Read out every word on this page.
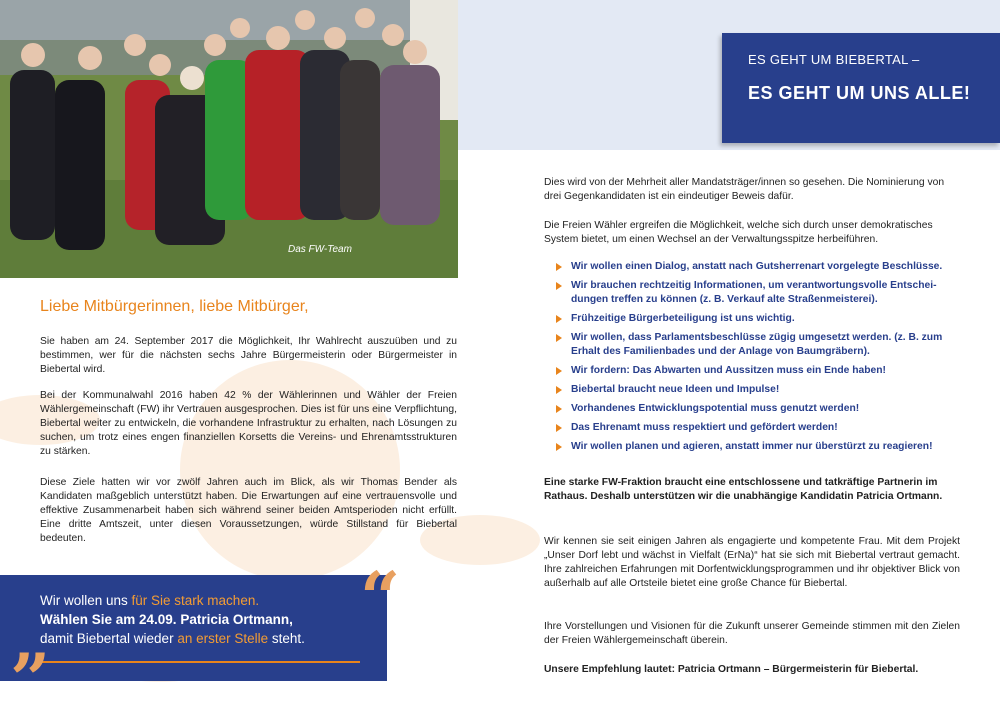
Das FW-Team
Liebe Mitbürgerinnen, liebe Mitbürger,

Sie haben am 24. September 2017 die Möglichkeit, Ihr Wahlrecht auszuüben und zu bestimmen, wer für die nächsten sechs Jahre Bürgermeisterin oder Bürgermeister in Biebertal wird.

Bei der Kommunalwahl 2016 haben 42 % der Wählerinnen und Wähler der Freien Wählergemeinschaft (FW) ihr Vertrauen ausgesprochen. Dies ist für uns eine Verpflichtung, Biebertal weiter zu entwickeln, die vorhandene Infrastruktur zu erhalten, nach Lösungen zu suchen, um trotz eines engen finanziellen Korsetts die Vereins- und Ehrenamtsstrukturen zu stärken.

Diese Ziele hatten wir vor zwölf Jahren auch im Blick, als wir Thomas Bender als Kandidaten maßgeblich unterstützt haben. Die Erwartungen auf eine vertrauensvolle und effektive Zusammenarbeit haben sich während seiner beiden Amtsperioden nicht erfüllt. Eine dritte Amtszeit, unter diesen Voraussetzungen, würde Stillstand für Biebertal bedeuten.

Wir wollen uns für Sie stark machen.
Wählen Sie am 24.09. Patricia Ortmann,
damit Biebertal wieder an erster Stelle steht. “
”
ES GEHT UM BIEBERTAL –
ES GEHT UM UNS ALLE!

Dies wird von der Mehrheit aller Mandatsträger/innen so gesehen. Die Nominierung von drei Gegenkandidaten ist ein eindeutiger Beweis dafür.

Die Freien Wähler ergreifen die Möglichkeit, welche sich durch unser demokratisches System bietet, um einen Wechsel an der Verwaltungsspitze herbeiführen.

Wir wollen einen Dialog, anstatt nach Gutsherrenart vorgelegte Beschlüsse.
Wir brauchen rechtzeitig Informationen, um verantwortungsvolle Entscheidungen treffen zu können (z. B. Verkauf alte Straßenmeisterei).
Frühzeitige Bürgerbeteiligung ist uns wichtig.
Wir wollen, dass Parlamentsbeschlüsse zügig umgesetzt werden. (z. B. zum Erhalt des Familienbades und der Anlage von Baumgräbern).
Wir fordern: Das Abwarten und Aussitzen muss ein Ende haben!
Biebertal braucht neue Ideen und Impulse!
Vorhandenes Entwicklungspotential muss genutzt werden!
Das Ehrenamt muss respektiert und gefördert werden!
Wir wollen planen und agieren, anstatt immer nur überstürzt zu reagieren!

Eine starke FW-Fraktion braucht eine entschlossene und tatkräftige Partnerin im Rathaus. Deshalb unterstützen wir die unabhängige Kandidatin Patricia Ortmann.

Wir kennen sie seit einigen Jahren als engagierte und kompetente Frau. Mit dem Projekt „Unser Dorf lebt und wächst in Vielfalt (ErNa)“ hat sie sich mit Biebertal vertraut gemacht. Ihre zahlreichen Erfahrungen mit Dorfentwicklungsprogrammen und ihr objektiver Blick von außerhalb auf alle Ortsteile bietet eine große Chance für Biebertal.

Ihre Vorstellungen und Visionen für die Zukunft unserer Gemeinde stimmen mit den Zielen der Freien Wählergemeinschaft überein.

Unsere Empfehlung lautet: Patricia Ortmann – Bürgermeisterin für Biebertal.
